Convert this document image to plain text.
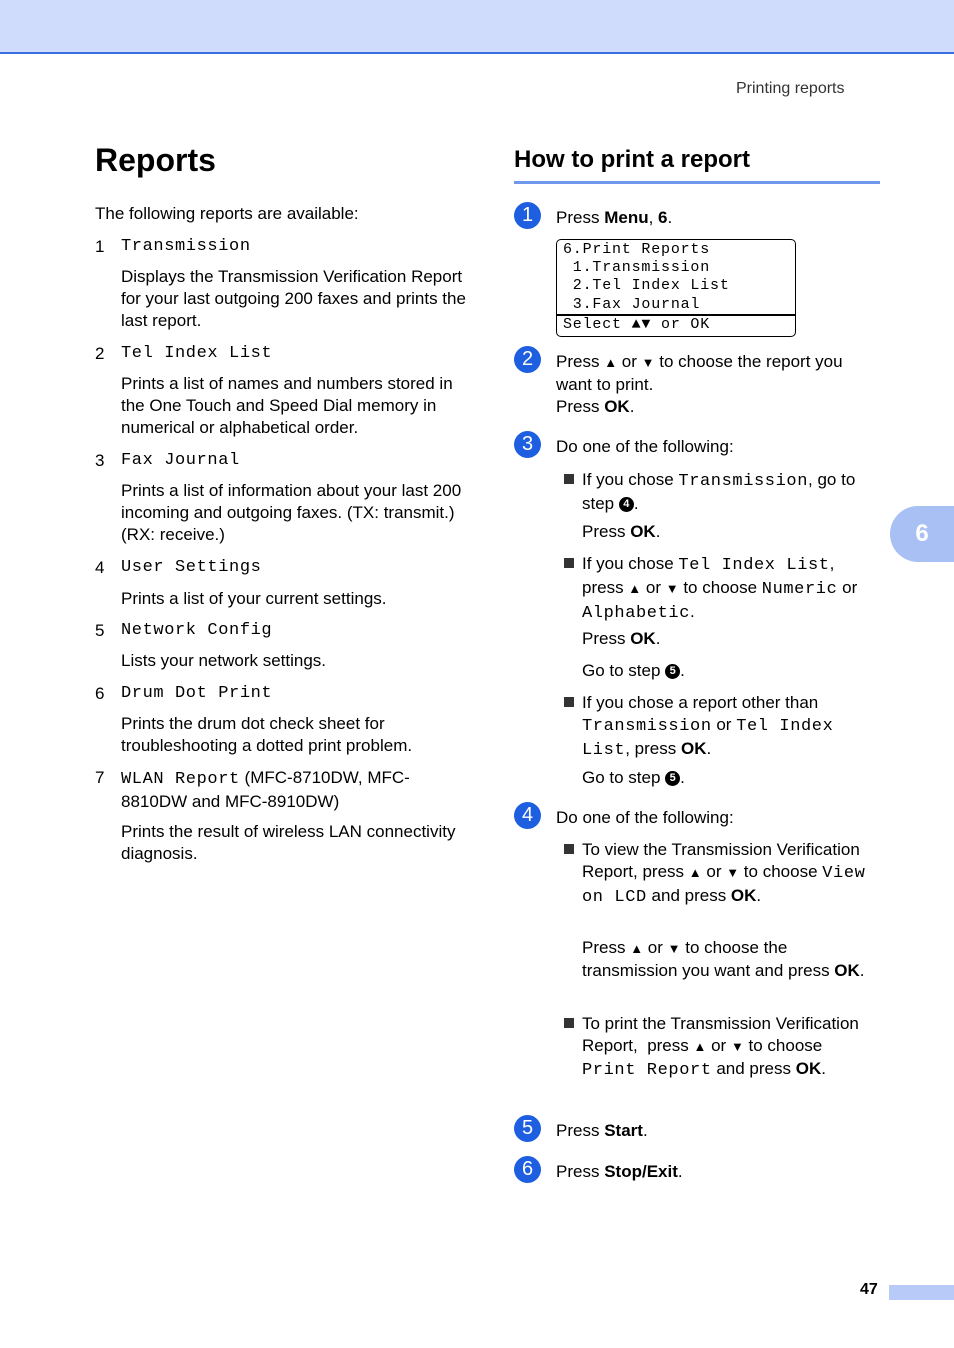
Printing reports
6
Reports
The following reports are available:
1 Transmission
Displays the Transmission Verification Report for your last outgoing 200 faxes and prints the last report.
2 Tel Index List
Prints a list of names and numbers stored in the One Touch and Speed Dial memory in numerical or alphabetical order.
3 Fax Journal
Prints a list of information about your last 200 incoming and outgoing faxes. (TX: transmit.) (RX: receive.)
4 User Settings
Prints a list of your current settings.
5 Network Config
Lists your network settings.
6 Drum Dot Print
Prints the drum dot check sheet for troubleshooting a dotted print problem.
7 WLAN Report (MFC-8710DW, MFC-8810DW and MFC-8910DW)
Prints the result of wireless LAN connectivity diagnosis.
How to print a report
1	Press Menu, 6.
6.Print Reports
1.Transmission
2.Tel Index List
3.Fax Journal
Select ▲▼ or OK
2	Press ▲ or ▼ to choose the report you want to print.
Press OK.
3	Do one of the following:
If you chose Transmission, go to step 4 .
Press OK.
If you chose Tel Index List, press ▲ or ▼ to choose Numeric or Alphabetic.
Press OK.
Go to step 5 .
If you chose a report other than Transmission or Tel Index List, press OK.
Go to step 5 .
4	Do one of the following:
To view the Transmission Verification Report, press ▲ or ▼ to choose View on LCD and press OK.
Press ▲ or ▼ to choose the transmission you want and press OK.
To print the Transmission Verification Report,  press ▲ or ▼ to choose Print Report and press OK.
5	Press Start.
6	Press Stop/Exit.
47
